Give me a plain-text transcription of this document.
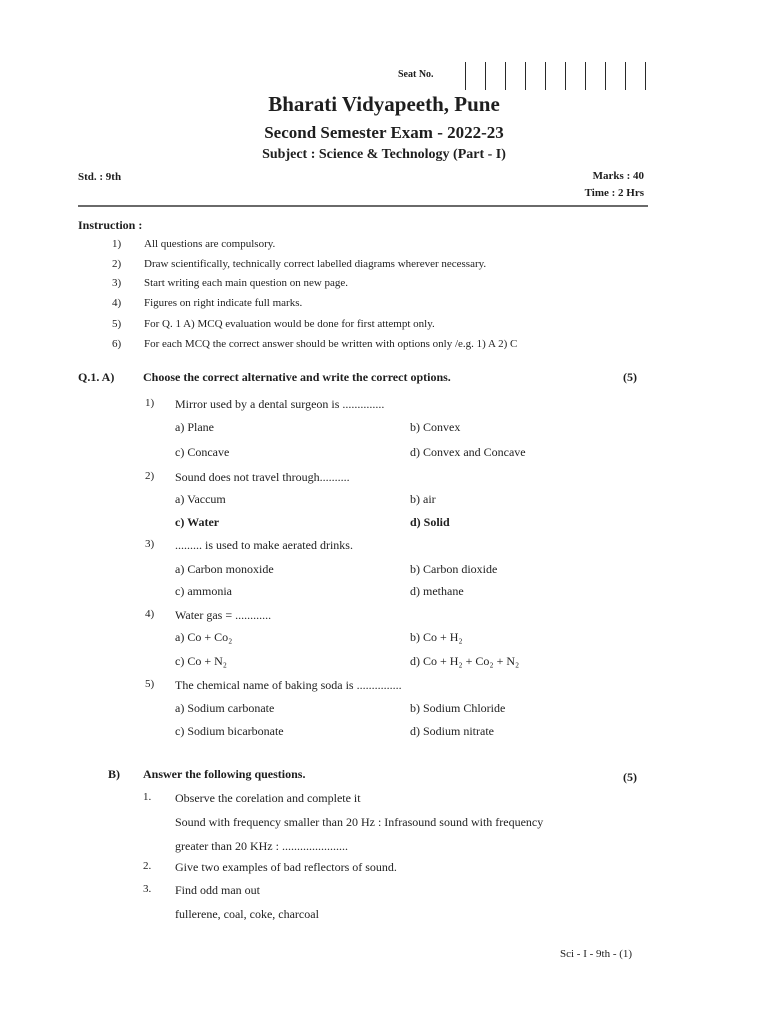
Seat No.
Bharati Vidyapeeth, Pune
Second Semester Exam - 2022-23
Subject : Science & Technology (Part - I)
Std. : 9th	Marks : 40
Time : 2 Hrs
Instruction :
1) All questions are compulsory.
2) Draw scientifically, technically correct labelled diagrams wherever necessary.
3) Start writing each main question on new page.
4) Figures on right indicate full marks.
5) For Q. 1 A) MCQ evaluation would be done for first attempt only.
6) For each MCQ the correct answer should be written with options only /e.g. 1) A 2) C
Q.1. A) Choose the correct alternative and write the correct options.	(5)
1) Mirror used by a dental surgeon is ..............
a) Plane	b) Convex
c) Concave	d) Convex and Concave
2) Sound does not travel through..........
a) Vaccum	b) air
c) Water	d) Solid
3) ......... is used to make aerated drinks.
a) Carbon monoxide	b) Carbon dioxide
c) ammonia	d) methane
4) Water gas = ............
a) Co + Co₂	b) Co + H₂
c) Co + N₂	d) Co + H₂ + Co₂ + N₂
5) The chemical name of baking soda is ...............
a) Sodium carbonate	b) Sodium Chloride
c) Sodium bicarbonate	d) Sodium nitrate
B) Answer the following questions.	(5)
1. Observe the corelation and complete it
Sound with frequency smaller than 20 Hz : Infrasound sound with frequency
greater than 20 KHz : ......................
2. Give two examples of bad reflectors of sound.
3. Find odd man out
fullerene, coal, coke, charcoal
Sci - I - 9th - (1)
